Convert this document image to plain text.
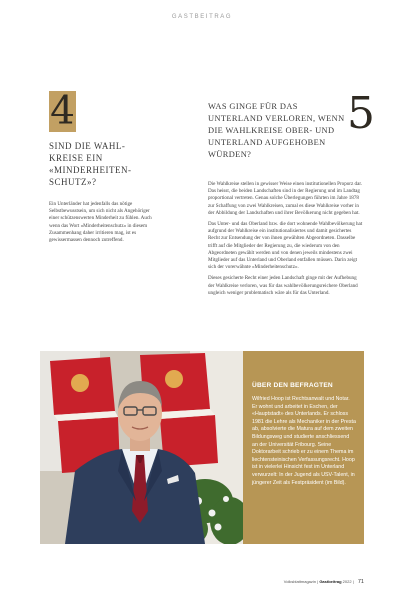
GASTBEITRAG
4
SIND DIE WAHLKREISE EIN «MINDERHEITENSCHUTZ»?

Ein Unterländer hat jedenfalls das nötige Selbstbewusstsein, um sich nicht als Angehöriger einer schützenswerten Minderheit zu fühlen. Auch wenn das Wort «Minderheitenschutz» in diesem Zusammenhang daher irritieren mag, ist es gewissermassen dennoch zutreffend.

5
WAS GINGE FÜR DAS UNTERLAND VERLOREN, WENN DIE WAHLKREISE OBER- UND UNTERLAND AUFGEHOBEN WÜRDEN?

Die Wahlkreise stellen in gewisser Weise einen institutionellen Proporz dar. Das heisst, die beiden Landschaften sind in der Regierung und im Landtag proportional vertreten. Genau solche Überlegungen führten im Jahre 1878 zur Schaffung von zwei Wahlkreisen, zumal es diese Wahlkreise vorher in der Abbildung der Landschaften und ihrer Bevölkerung nicht gegeben hat.

Das Unter- und das Oberland bzw. die dort wohnende Wahlbevölkerung hat aufgrund der Wahlkreise ein institutionalisiertes und damit gesichertes Recht zur Entsendung der von ihnen gewählten Abgeordneten. Dasselbe trifft auf die Mitglieder der Regierung zu, die wiederum von den Abgeordneten gewählt werden und von denen jeweils mindestens zwei Mitglieder auf das Unterland und Oberland entfallen müssen. Darin zeigt sich der vorerwähnte «Minderheitenschutz».

Dieses gesicherte Recht einer jeden Landschaft ginge mit der Aufhebung der Wahlkreise verloren, was für das wahlbevölkerungsreichere Oberland ungleich weniger problematisch wäre als für das Unterland.

ÜBER DEN BEFRAGTEN

Wilfried Hoop ist Rechtsanwalt und Notar. Er wohnt und arbeitet in Eschen, der «Hauptstadt» des Unterlands. Er schloss 1981 die Lehre als Mechaniker in der Presta ab, absolvierte die Matura auf dem zweiten Bildungsweg und studierte anschliessend an der Universität Fribourg. Seine Doktorarbeit schrieb er zu einem Thema im liechtensteinischen Verfassungsrecht. Hoop ist in vielerlei Hinsicht fest im Unterland verwurzelt: In der Jugend als USV-Talent, in jüngerer Zeit als Festpräsident (im Bild).

Volksblattmagazin | Gastbeitrag 2022 | 71
